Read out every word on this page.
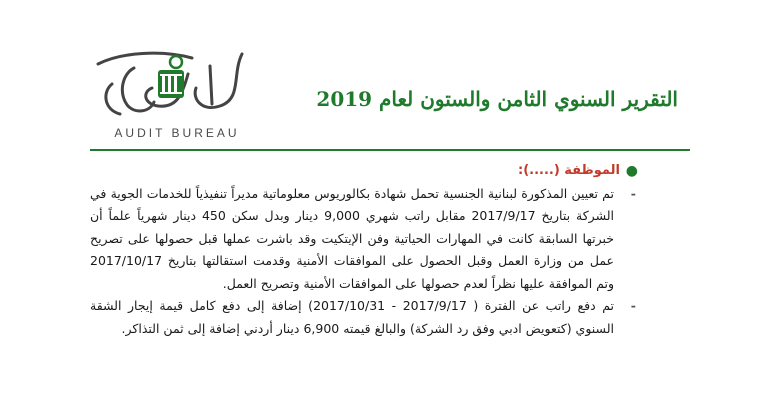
AUDIT BUREAU
التقرير السنوي الثامن والستون لعام 2019
●
الموظفة (.....):
-
تم تعيين المذكورة لبنانية الجنسية تحمل شهادة بكالوريوس معلوماتية مديراً تنفيذياً للخدمات الجوية في الشركة بتاريخ 2017/9/17 مقابل راتب شهري 9,000 دينار وبدل سكن 450 دينار شهرياً علماً أن خبرتها السابقة كانت في المهارات الحياتية وفن الإيتكيت وقد باشرت عملها قبل حصولها على تصريح عمل من وزارة العمل وقبل الحصول على الموافقات الأمنية وقدمت استقالتها بتاريخ 2017/10/17 وتم الموافقة عليها نظراً لعدم حصولها على الموافقات الأمنية وتصريح العمل.
-
تم دفع راتب عن الفترة ( 2017/9/17 - 2017/10/31) إضافة إلى دفع كامل قيمة إيجار الشقة السنوي (كتعويض ادبي وفق رد الشركة) والبالغ قيمته 6,900 دينار أردني إضافة إلى ثمن التذاكر.
